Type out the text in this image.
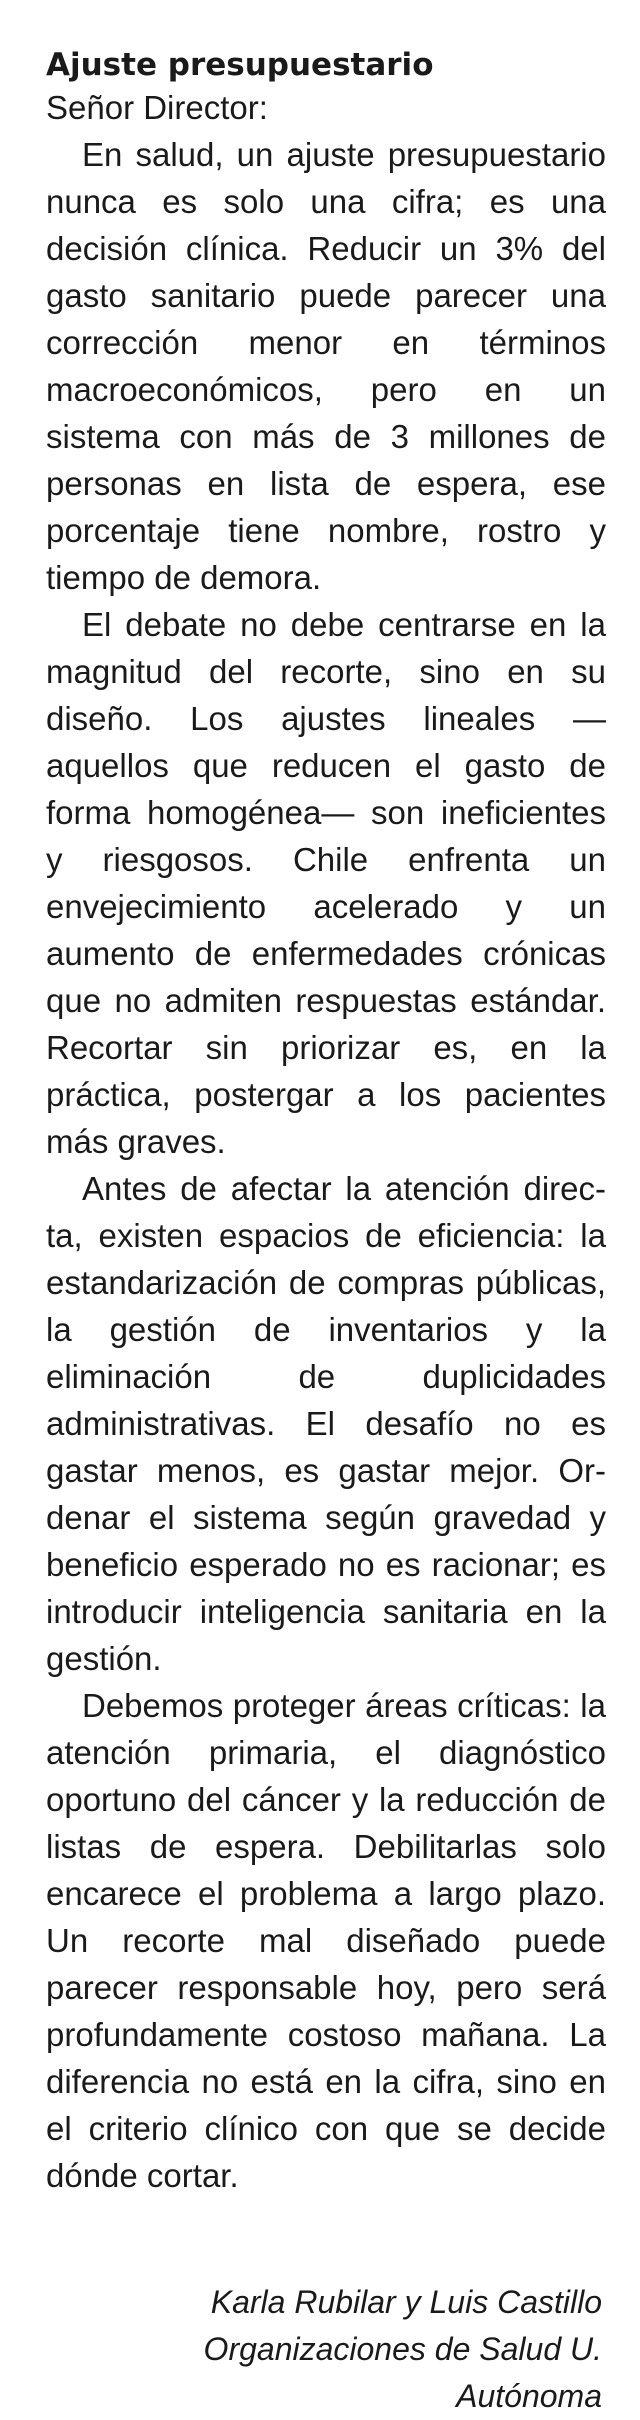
Ajuste presupuestario

Señor Director:

En salud, un ajuste presupuestario nunca es solo una cifra; es una decisión clínica. Reducir un 3% del gasto sanitario puede parecer una corrección menor en términos macroeconómicos, pero en un sistema con más de 3 millones de personas en lista de espera, ese porcentaje tiene nombre, rostro y tiempo de demora.

El debate no debe centrarse en la magnitud del recorte, sino en su diseño. Los ajustes lineales —aquellos que reducen el gasto de forma homogénea— son ineficientes y riesgosos. Chile enfrenta un envejecimiento acelerado y un aumento de enfermedades crónicas que no admiten respuestas estándar. Recortar sin priorizar es, en la práctica, postergar a los pacientes más graves.

Antes de afectar la atención directa, existen espacios de eficiencia: la estandarización de compras públicas, la gestión de inventarios y la eliminación de duplicidades administrativas. El desafío no es gastar menos, es gastar mejor. Ordenar el sistema según gravedad y beneficio esperado no es racionar; es introducir inteligencia sanitaria en la gestión.

Debemos proteger áreas críticas: la atención primaria, el diagnóstico oportuno del cáncer y la reducción de listas de espera. Debilitarlas solo encarece el problema a largo plazo. Un recorte mal diseñado puede parecer responsable hoy, pero será profundamente costoso mañana. La diferencia no está en la cifra, sino en el criterio clínico con que se decide dónde cortar.

Karla Rubilar y Luis Castillo
Organizaciones de Salud U.
Autónoma
